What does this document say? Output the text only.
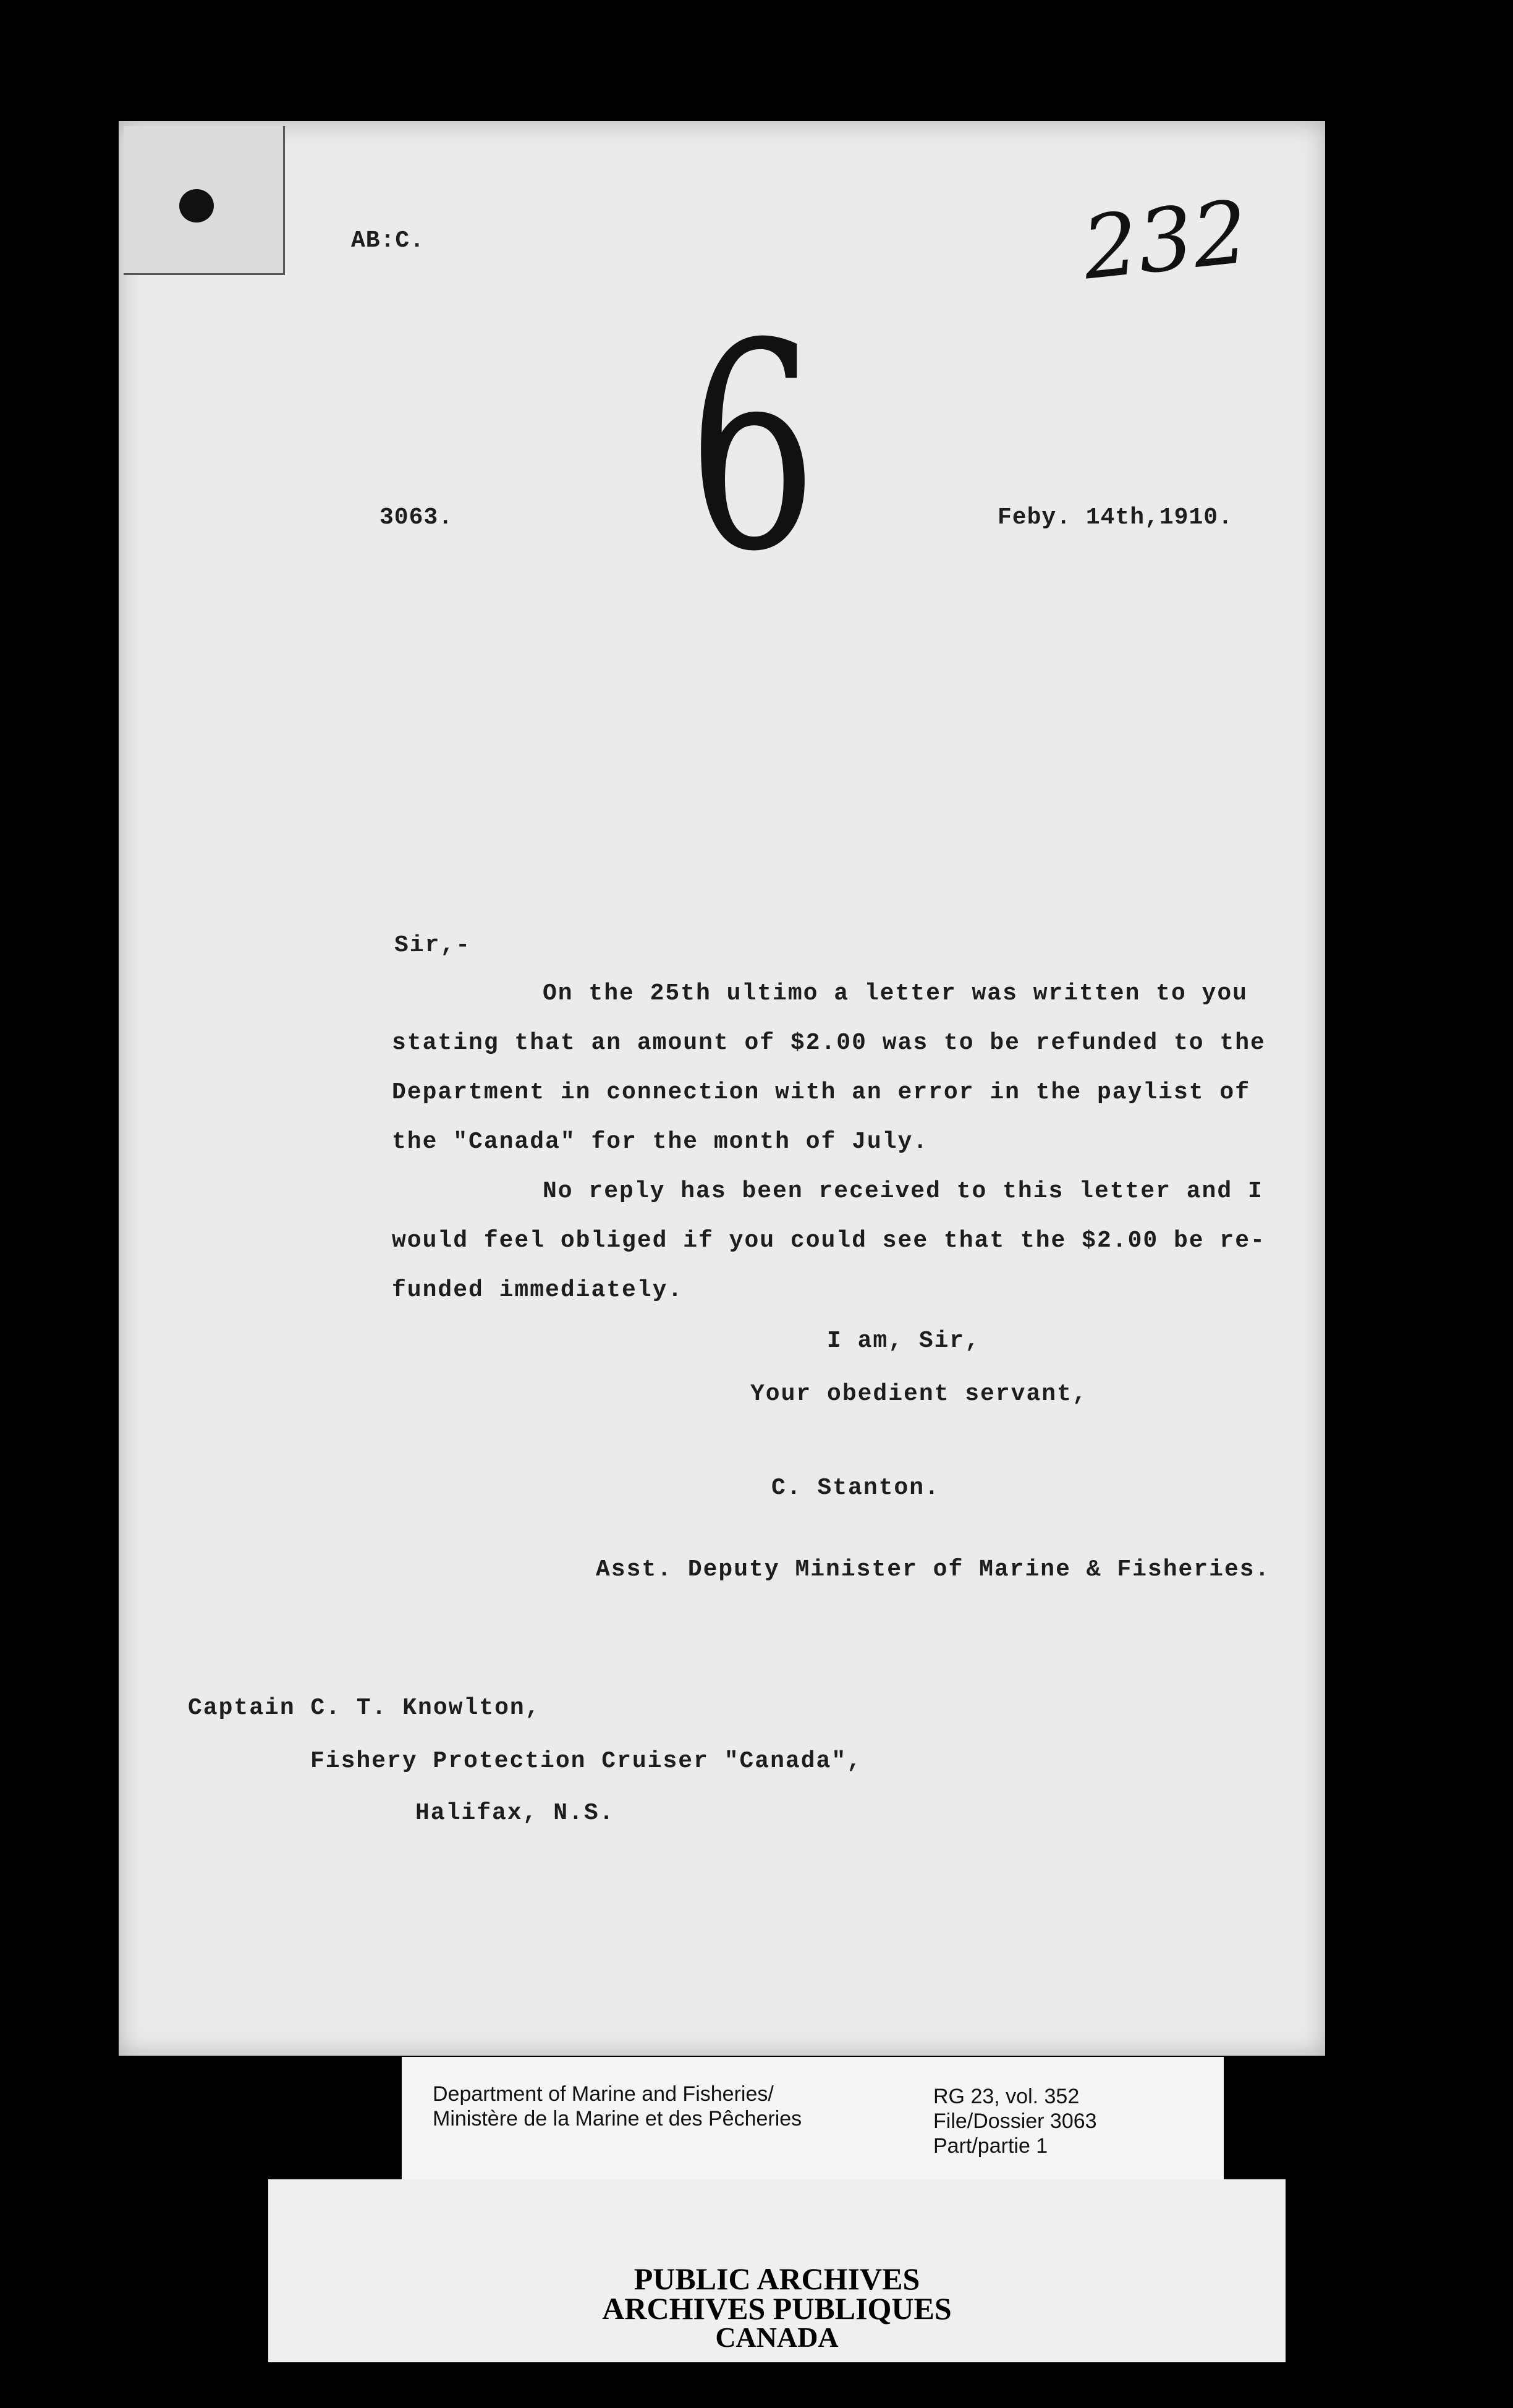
AB:C.	232
6
3063.	Feby. 14th,1910.
Sir,-
On the 25th ultimo a letter was written to you
stating that an amount of $2.00 was to be refunded to the
Department in connection with an error in the paylist of
the "Canada" for the month of July.
No reply has been received to this letter and I
would feel obliged if you could see that the $2.00 be re-
funded immediately.
I am, Sir,
Your obedient servant,
C. Stanton.
Asst. Deputy Minister of Marine & Fisheries.
Captain C. T. Knowlton,
Fishery Protection Cruiser "Canada",
Halifax, N.S.
Department of Marine and Fisheries/
Ministère de la Marine et des Pêcheries
RG 23, vol. 352
File/Dossier 3063
Part/partie 1
PUBLIC ARCHIVES
ARCHIVES PUBLIQUES
CANADA
